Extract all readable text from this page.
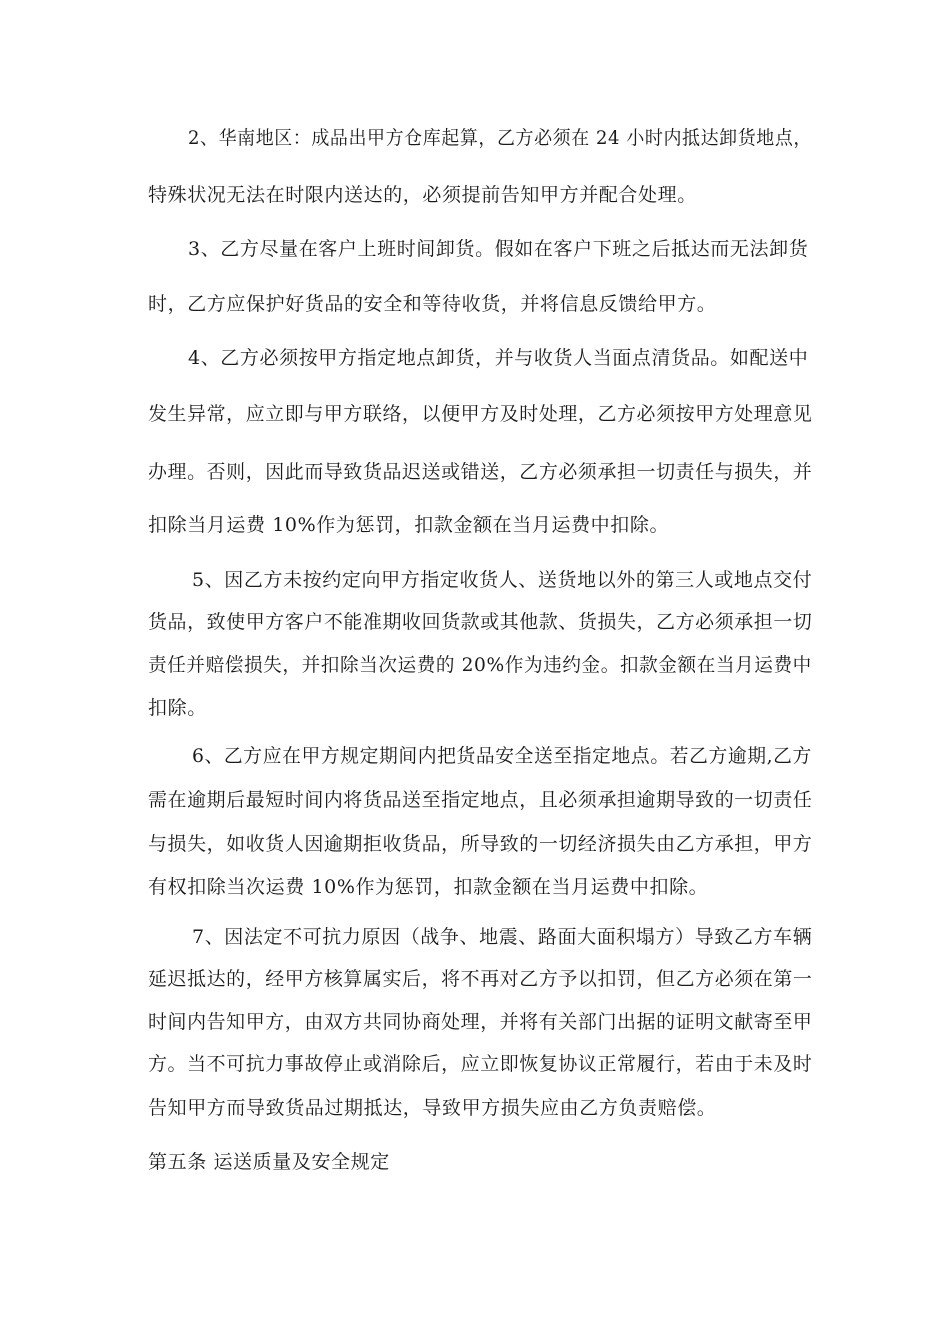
2、华南地区：成品出甲方仓库起算，乙方必须在 24 小时内抵达卸货地点，
特殊状况无法在时限内送达的，必须提前告知甲方并配合处理。
3、乙方尽量在客户上班时间卸货。假如在客户下班之后抵达而无法卸货
时，乙方应保护好货品的安全和等待收货，并将信息反馈给甲方。
4、乙方必须按甲方指定地点卸货，并与收货人当面点清货品。如配送中
发生异常，应立即与甲方联络，以便甲方及时处理，乙方必须按甲方处理意见
办理。否则，因此而导致货品迟送或错送，乙方必须承担一切责任与损失，并
扣除当月运费 10%作为惩罚，扣款金额在当月运费中扣除。
5、因乙方未按约定向甲方指定收货人、送货地以外的第三人或地点交付
货品，致使甲方客户不能准期收回货款或其他款、货损失，乙方必须承担一切
责任并赔偿损失，并扣除当次运费的 20%作为违约金。扣款金额在当月运费中
扣除。
6、乙方应在甲方规定期间内把货品安全送至指定地点。若乙方逾期,乙方
需在逾期后最短时间内将货品送至指定地点，且必须承担逾期导致的一切责任
与损失，如收货人因逾期拒收货品，所导致的一切经济损失由乙方承担，甲方
有权扣除当次运费 10%作为惩罚，扣款金额在当月运费中扣除。
7、因法定不可抗力原因（战争、地震、路面大面积塌方）导致乙方车辆
延迟抵达的，经甲方核算属实后，将不再对乙方予以扣罚，但乙方必须在第一
时间内告知甲方，由双方共同协商处理，并将有关部门出据的证明文献寄至甲
方。当不可抗力事故停止或消除后，应立即恢复协议正常履行，若由于未及时
告知甲方而导致货品过期抵达，导致甲方损失应由乙方负责赔偿。
第五条 运送质量及安全规定
